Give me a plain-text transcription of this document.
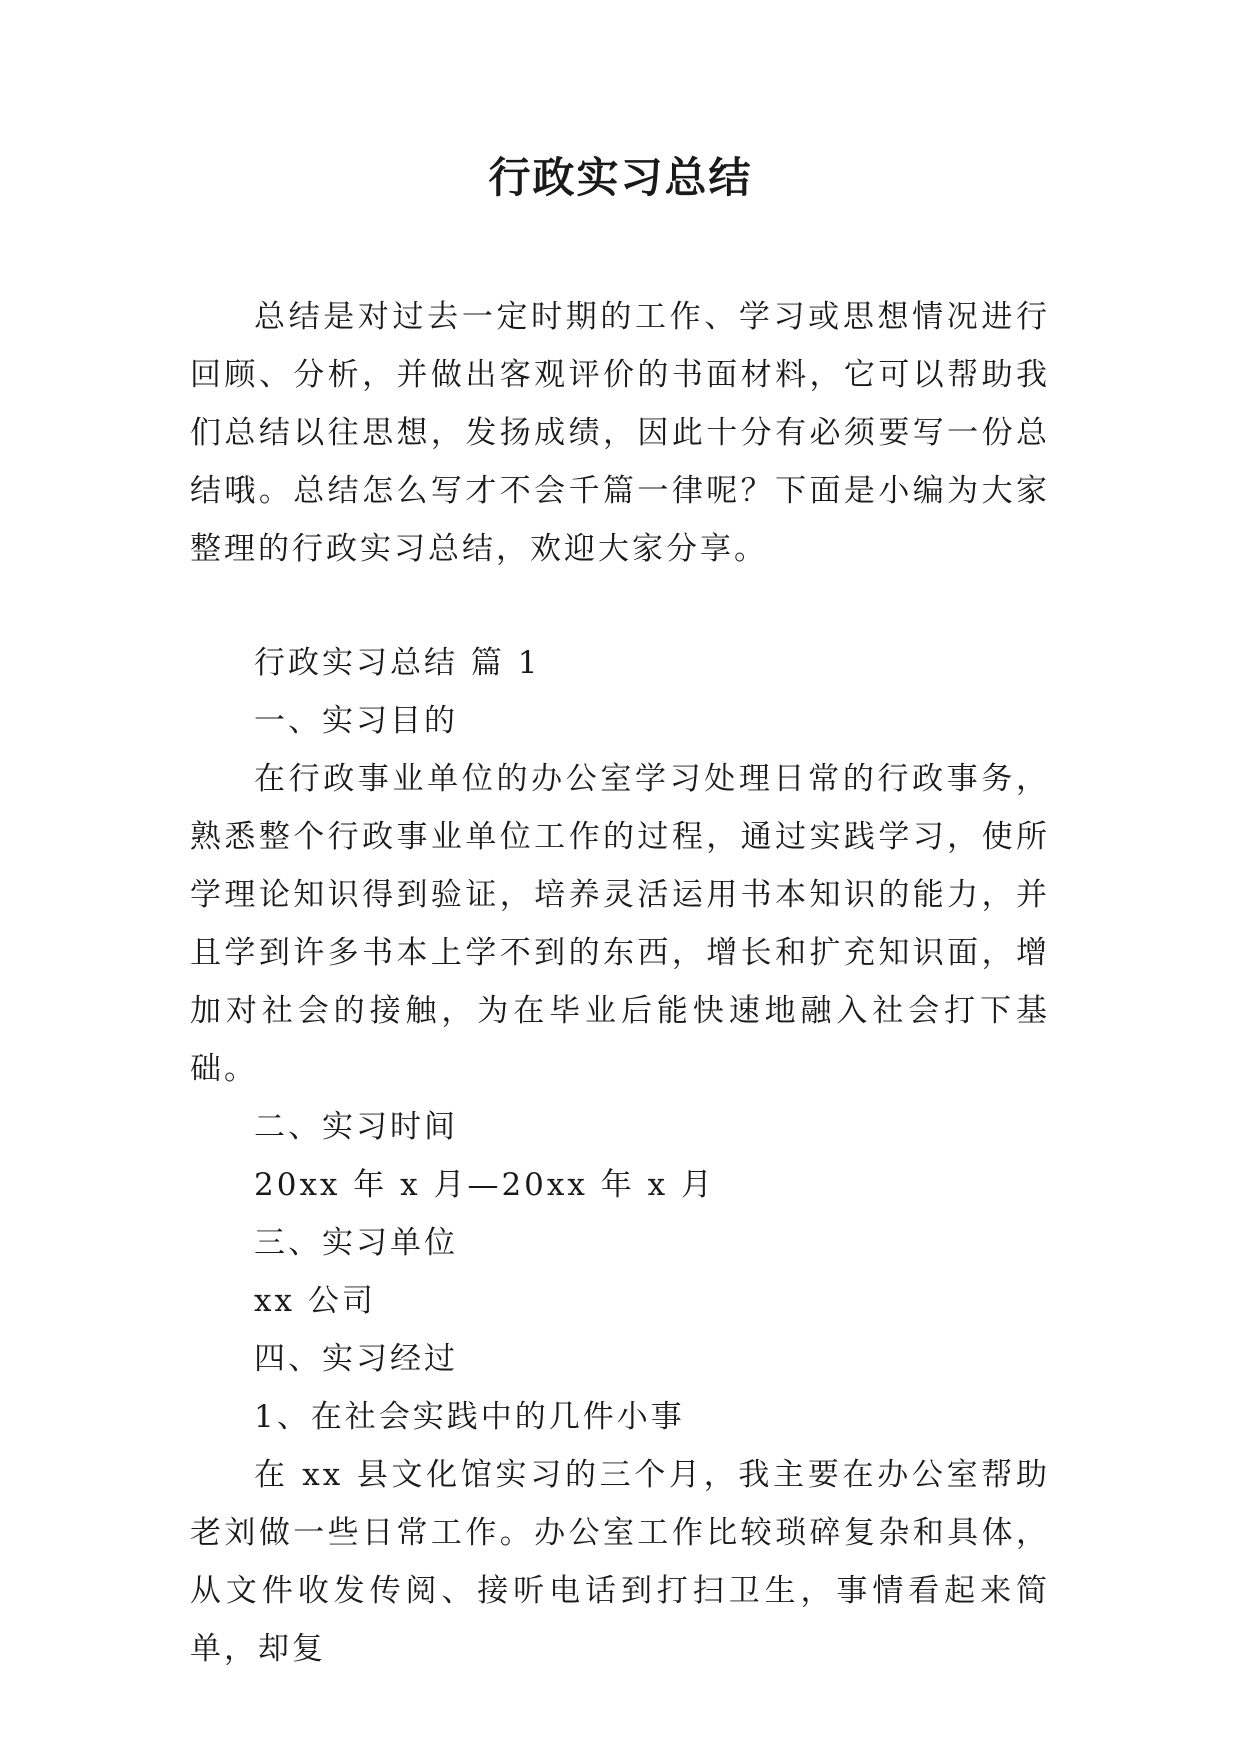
行政实习总结

总结是对过去一定时期的工作、学习或思想情况进行回顾、分析，并做出客观评价的书面材料，它可以帮助我们总结以往思想，发扬成绩，因此十分有必须要写一份总结哦。总结怎么写才不会千篇一律呢？下面是小编为大家整理的行政实习总结，欢迎大家分享。

行政实习总结 篇 1

一、实习目的

在行政事业单位的办公室学习处理日常的行政事务，熟悉整个行政事业单位工作的过程，通过实践学习，使所学理论知识得到验证，培养灵活运用书本知识的能力，并且学到许多书本上学不到的东西，增长和扩充知识面，增加对社会的接触，为在毕业后能快速地融入社会打下基础。

二、实习时间

20xx 年 x 月—20xx 年 x 月

三、实习单位

xx 公司

四、实习经过

1、在社会实践中的几件小事

在 xx 县文化馆实习的三个月，我主要在办公室帮助老刘做一些日常工作。办公室工作比较琐碎复杂和具体，从文件收发传阅、接听电话到打扫卫生，事情看起来简单，却复
